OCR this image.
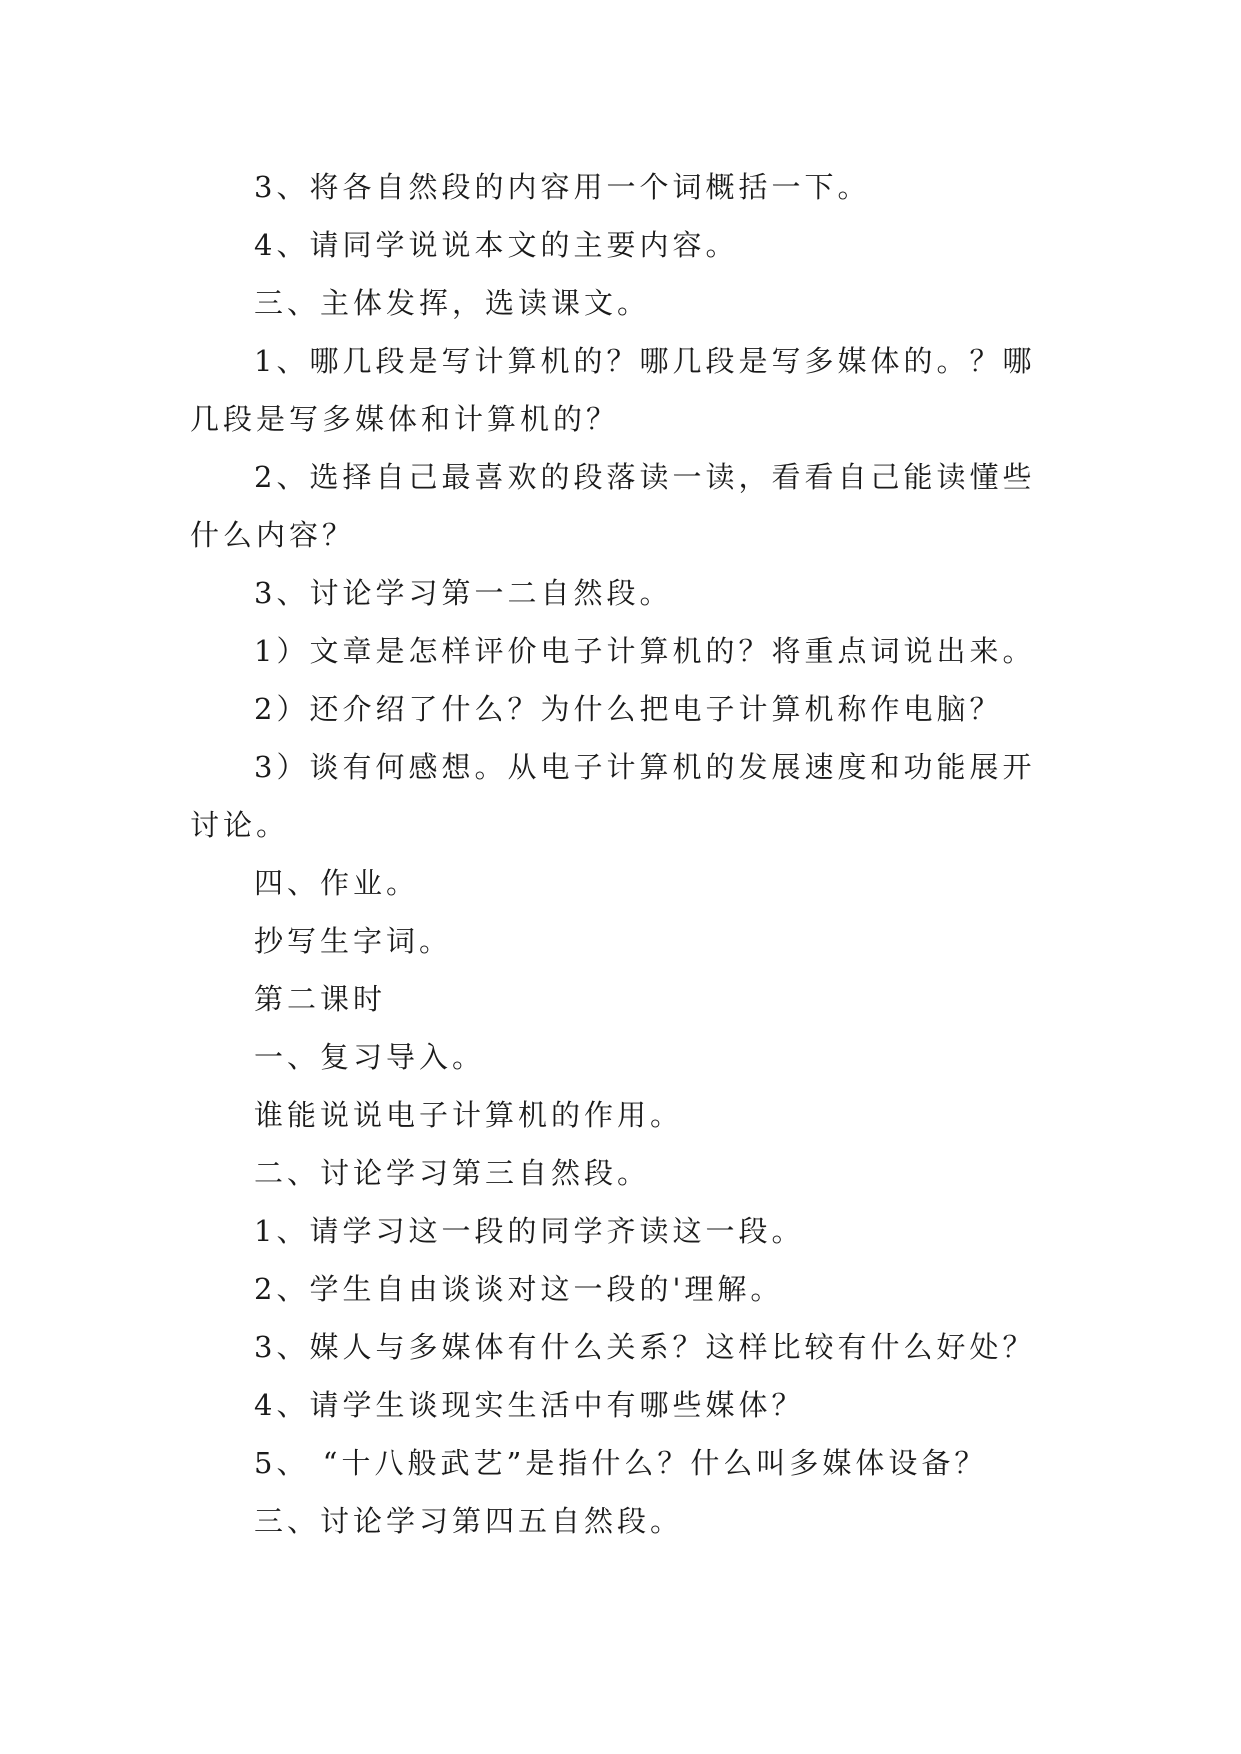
3、将各自然段的内容用一个词概括一下。

4、请同学说说本文的主要内容。

三、主体发挥，选读课文。

1、哪几段是写计算机的？哪几段是写多媒体的。？哪几段是写多媒体和计算机的？

2、选择自己最喜欢的段落读一读，看看自己能读懂些什么内容？

3、讨论学习第一二自然段。

1）文章是怎样评价电子计算机的？将重点词说出来。

2）还介绍了什么？为什么把电子计算机称作电脑？

3）谈有何感想。从电子计算机的发展速度和功能展开讨论。

四、作业。

抄写生字词。

第二课时

一、复习导入。

谁能说说电子计算机的作用。

二、讨论学习第三自然段。

1、请学习这一段的同学齐读这一段。

2、学生自由谈谈对这一段的'理解。

3、媒人与多媒体有什么关系？这样比较有什么好处？

4、请学生谈现实生活中有哪些媒体？

5、 “十八般武艺”是指什么？什么叫多媒体设备？

三、讨论学习第四五自然段。
